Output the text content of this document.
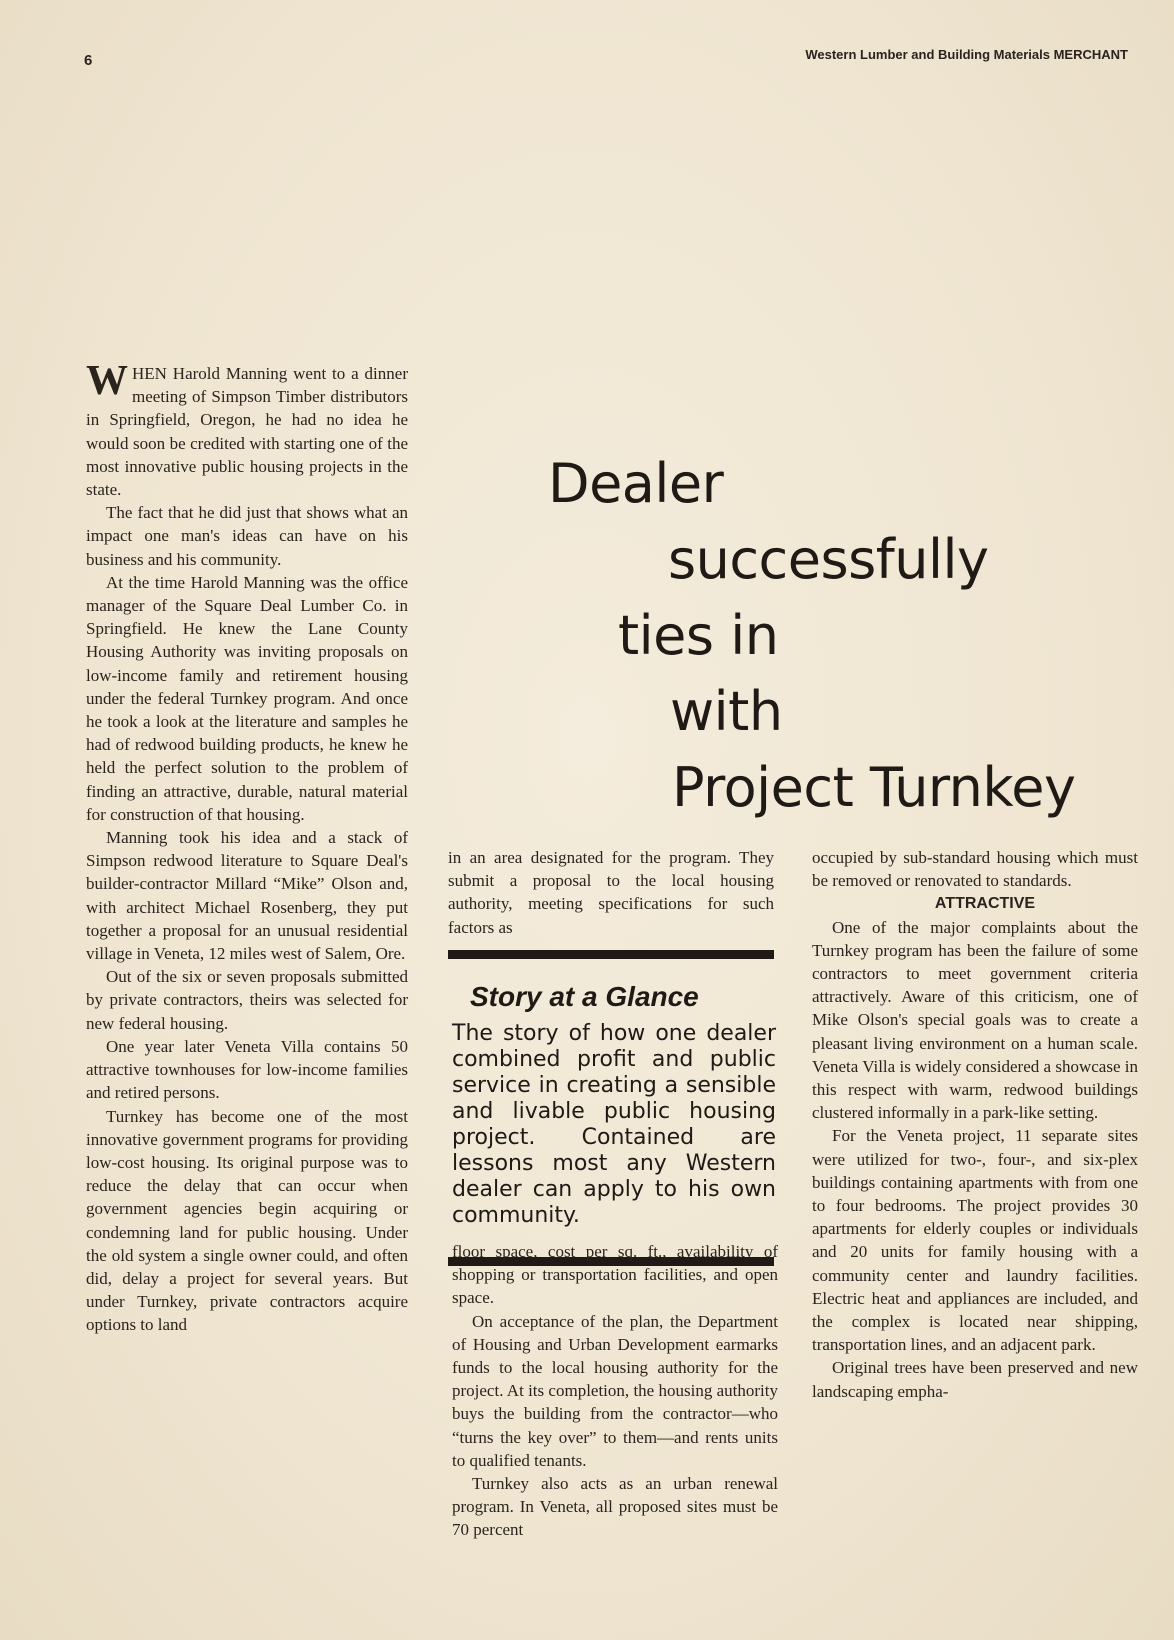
6	Western Lumber and Building Materials MERCHANT
Dealer
successfully
ties in
with
Project Turnkey

WHEN Harold Manning went to a dinner meeting of Simpson Timber distributors in Springfield, Oregon, he had no idea he would soon be credited with starting one of the most innovative public housing projects in the state.

The fact that he did just that shows what an impact one man's ideas can have on his business and his community.

At the time Harold Manning was the office manager of the Square Deal Lumber Co. in Springfield. He knew the Lane County Housing Authority was inviting proposals on low-income family and retirement housing under the federal Turnkey program. And once he took a look at the literature and samples he had of redwood building products, he knew he held the perfect solution to the problem of finding an attractive, durable, natural material for construction of that housing.

Manning took his idea and a stack of Simpson redwood literature to Square Deal's builder-contractor Millard “Mike” Olson and, with architect Michael Rosenberg, they put together a proposal for an unusual residential village in Veneta, 12 miles west of Salem, Ore.

Out of the six or seven proposals submitted by private contractors, theirs was selected for new federal housing.

One year later Veneta Villa contains 50 attractive townhouses for low-income families and retired persons.

Turnkey has become one of the most innovative government programs for providing low-cost housing. Its original purpose was to reduce the delay that can occur when government agencies begin acquiring or condemning land for public housing. Under the old system a single owner could, and often did, delay a project for several years. But under Turnkey, private contractors acquire options to land

in an area designated for the program. They submit a proposal to the local housing authority, meeting specifications for such factors as

Story at a Glance
The story of how one dealer combined profit and public service in creating a sensible and livable public housing project. Contained are lessons most any Western dealer can apply to his own community.

floor space, cost per sq. ft., availability of shopping or transportation facilities, and open space.

On acceptance of the plan, the Department of Housing and Urban Development earmarks funds to the local housing authority for the project. At its completion, the housing authority buys the building from the contractor—who “turns the key over” to them—and rents units to qualified tenants.

Turnkey also acts as an urban renewal program. In Veneta, all proposed sites must be 70 percent

occupied by sub-standard housing which must be removed or renovated to standards.

ATTRACTIVE

One of the major complaints about the Turnkey program has been the failure of some contractors to meet government criteria attractively. Aware of this criticism, one of Mike Olson's special goals was to create a pleasant living environment on a human scale. Veneta Villa is widely considered a showcase in this respect with warm, redwood buildings clustered informally in a park-like setting.

For the Veneta project, 11 separate sites were utilized for two-, four-, and six-plex buildings containing apartments with from one to four bedrooms. The project provides 30 apartments for elderly couples or individuals and 20 units for family housing with a community center and laundry facilities. Electric heat and appliances are included, and the complex is located near shipping, transportation lines, and an adjacent park.

Original trees have been preserved and new landscaping empha-
